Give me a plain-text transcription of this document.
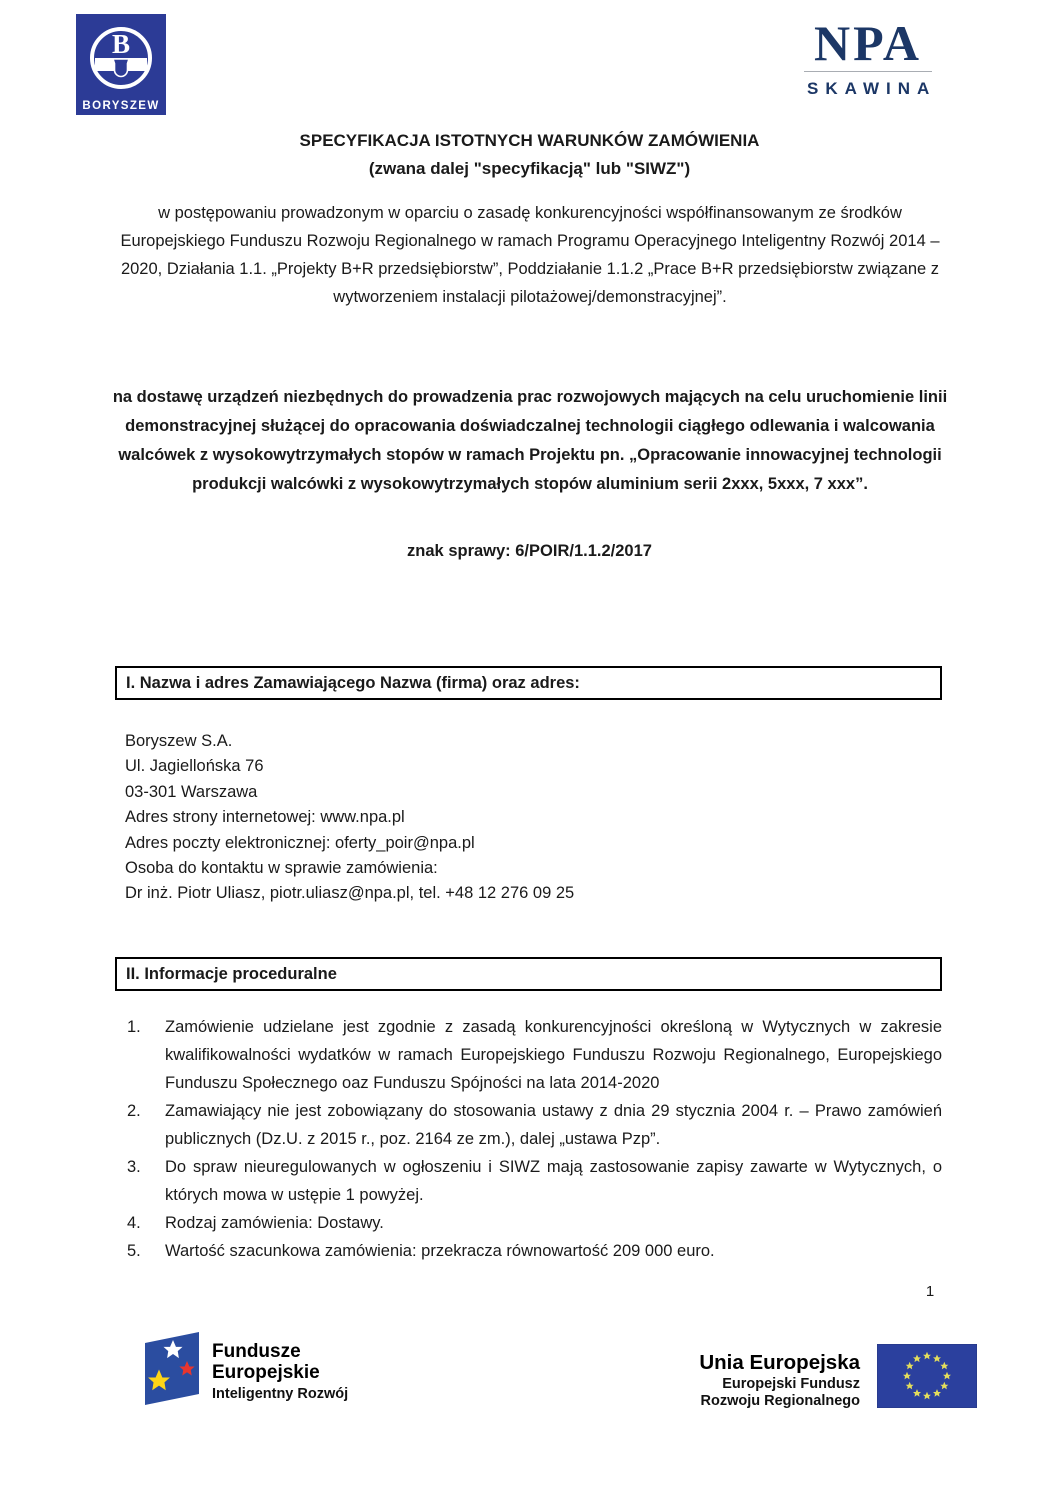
B
BORYSZEW
NPA
SKAWINA
SPECYFIKACJA ISTOTNYCH WARUNKÓW ZAMÓWIENIA
(zwana dalej "specyfikacją" lub "SIWZ")
w postępowaniu prowadzonym w oparciu o zasadę konkurencyjności współfinansowanym ze środków Europejskiego Funduszu Rozwoju Regionalnego w ramach Programu Operacyjnego Inteligentny Rozwój 2014 – 2020, Działania 1.1. „Projekty B+R przedsiębiorstw”, Poddziałanie 1.1.2 „Prace B+R przedsiębiorstw związane z wytworzeniem instalacji pilotażowej/demonstracyjnej”.
na dostawę urządzeń niezbędnych do prowadzenia prac rozwojowych mających na celu uruchomienie linii demonstracyjnej służącej do opracowania doświadczalnej technologii ciągłego odlewania i walcowania walcówek z wysokowytrzymałych stopów w ramach Projektu pn. „Opracowanie innowacyjnej technologii produkcji walcówki z wysokowytrzymałych stopów aluminium serii 2xxx, 5xxx, 7 xxx”.
znak sprawy: 6/POIR/1.1.2/2017
I. Nazwa i adres Zamawiającego Nazwa (firma) oraz adres:
Boryszew S.A.
Ul. Jagiellońska 76
03-301 Warszawa
Adres strony internetowej: www.npa.pl
Adres poczty elektronicznej: oferty_poir@npa.pl
Osoba do kontaktu w sprawie zamówienia:
Dr inż. Piotr Uliasz, piotr.uliasz@npa.pl, tel. +48 12 276 09 25
II. Informacje proceduralne
1.	Zamówienie udzielane jest zgodnie z zasadą konkurencyjności określoną w Wytycznych w zakresie kwalifikowalności wydatków w ramach Europejskiego Funduszu Rozwoju Regionalnego, Europejskiego Funduszu Społecznego oaz Funduszu Spójności na lata 2014-2020
2.	Zamawiający nie jest zobowiązany do stosowania ustawy z dnia 29 stycznia 2004 r. – Prawo zamówień publicznych (Dz.U. z 2015 r., poz. 2164 ze zm.), dalej „ustawa Pzp”.
3.	Do spraw nieuregulowanych w ogłoszeniu i SIWZ mają zastosowanie zapisy zawarte w Wytycznych, o których mowa w ustępie 1 powyżej.
4.	Rodzaj zamówienia: Dostawy.
5.	Wartość szacunkowa zamówienia: przekracza równowartość 209 000 euro.
1
Fundusze
Europejskie
Inteligentny Rozwój
Unia Europejska
Europejski Fundusz
Rozwoju Regionalnego
